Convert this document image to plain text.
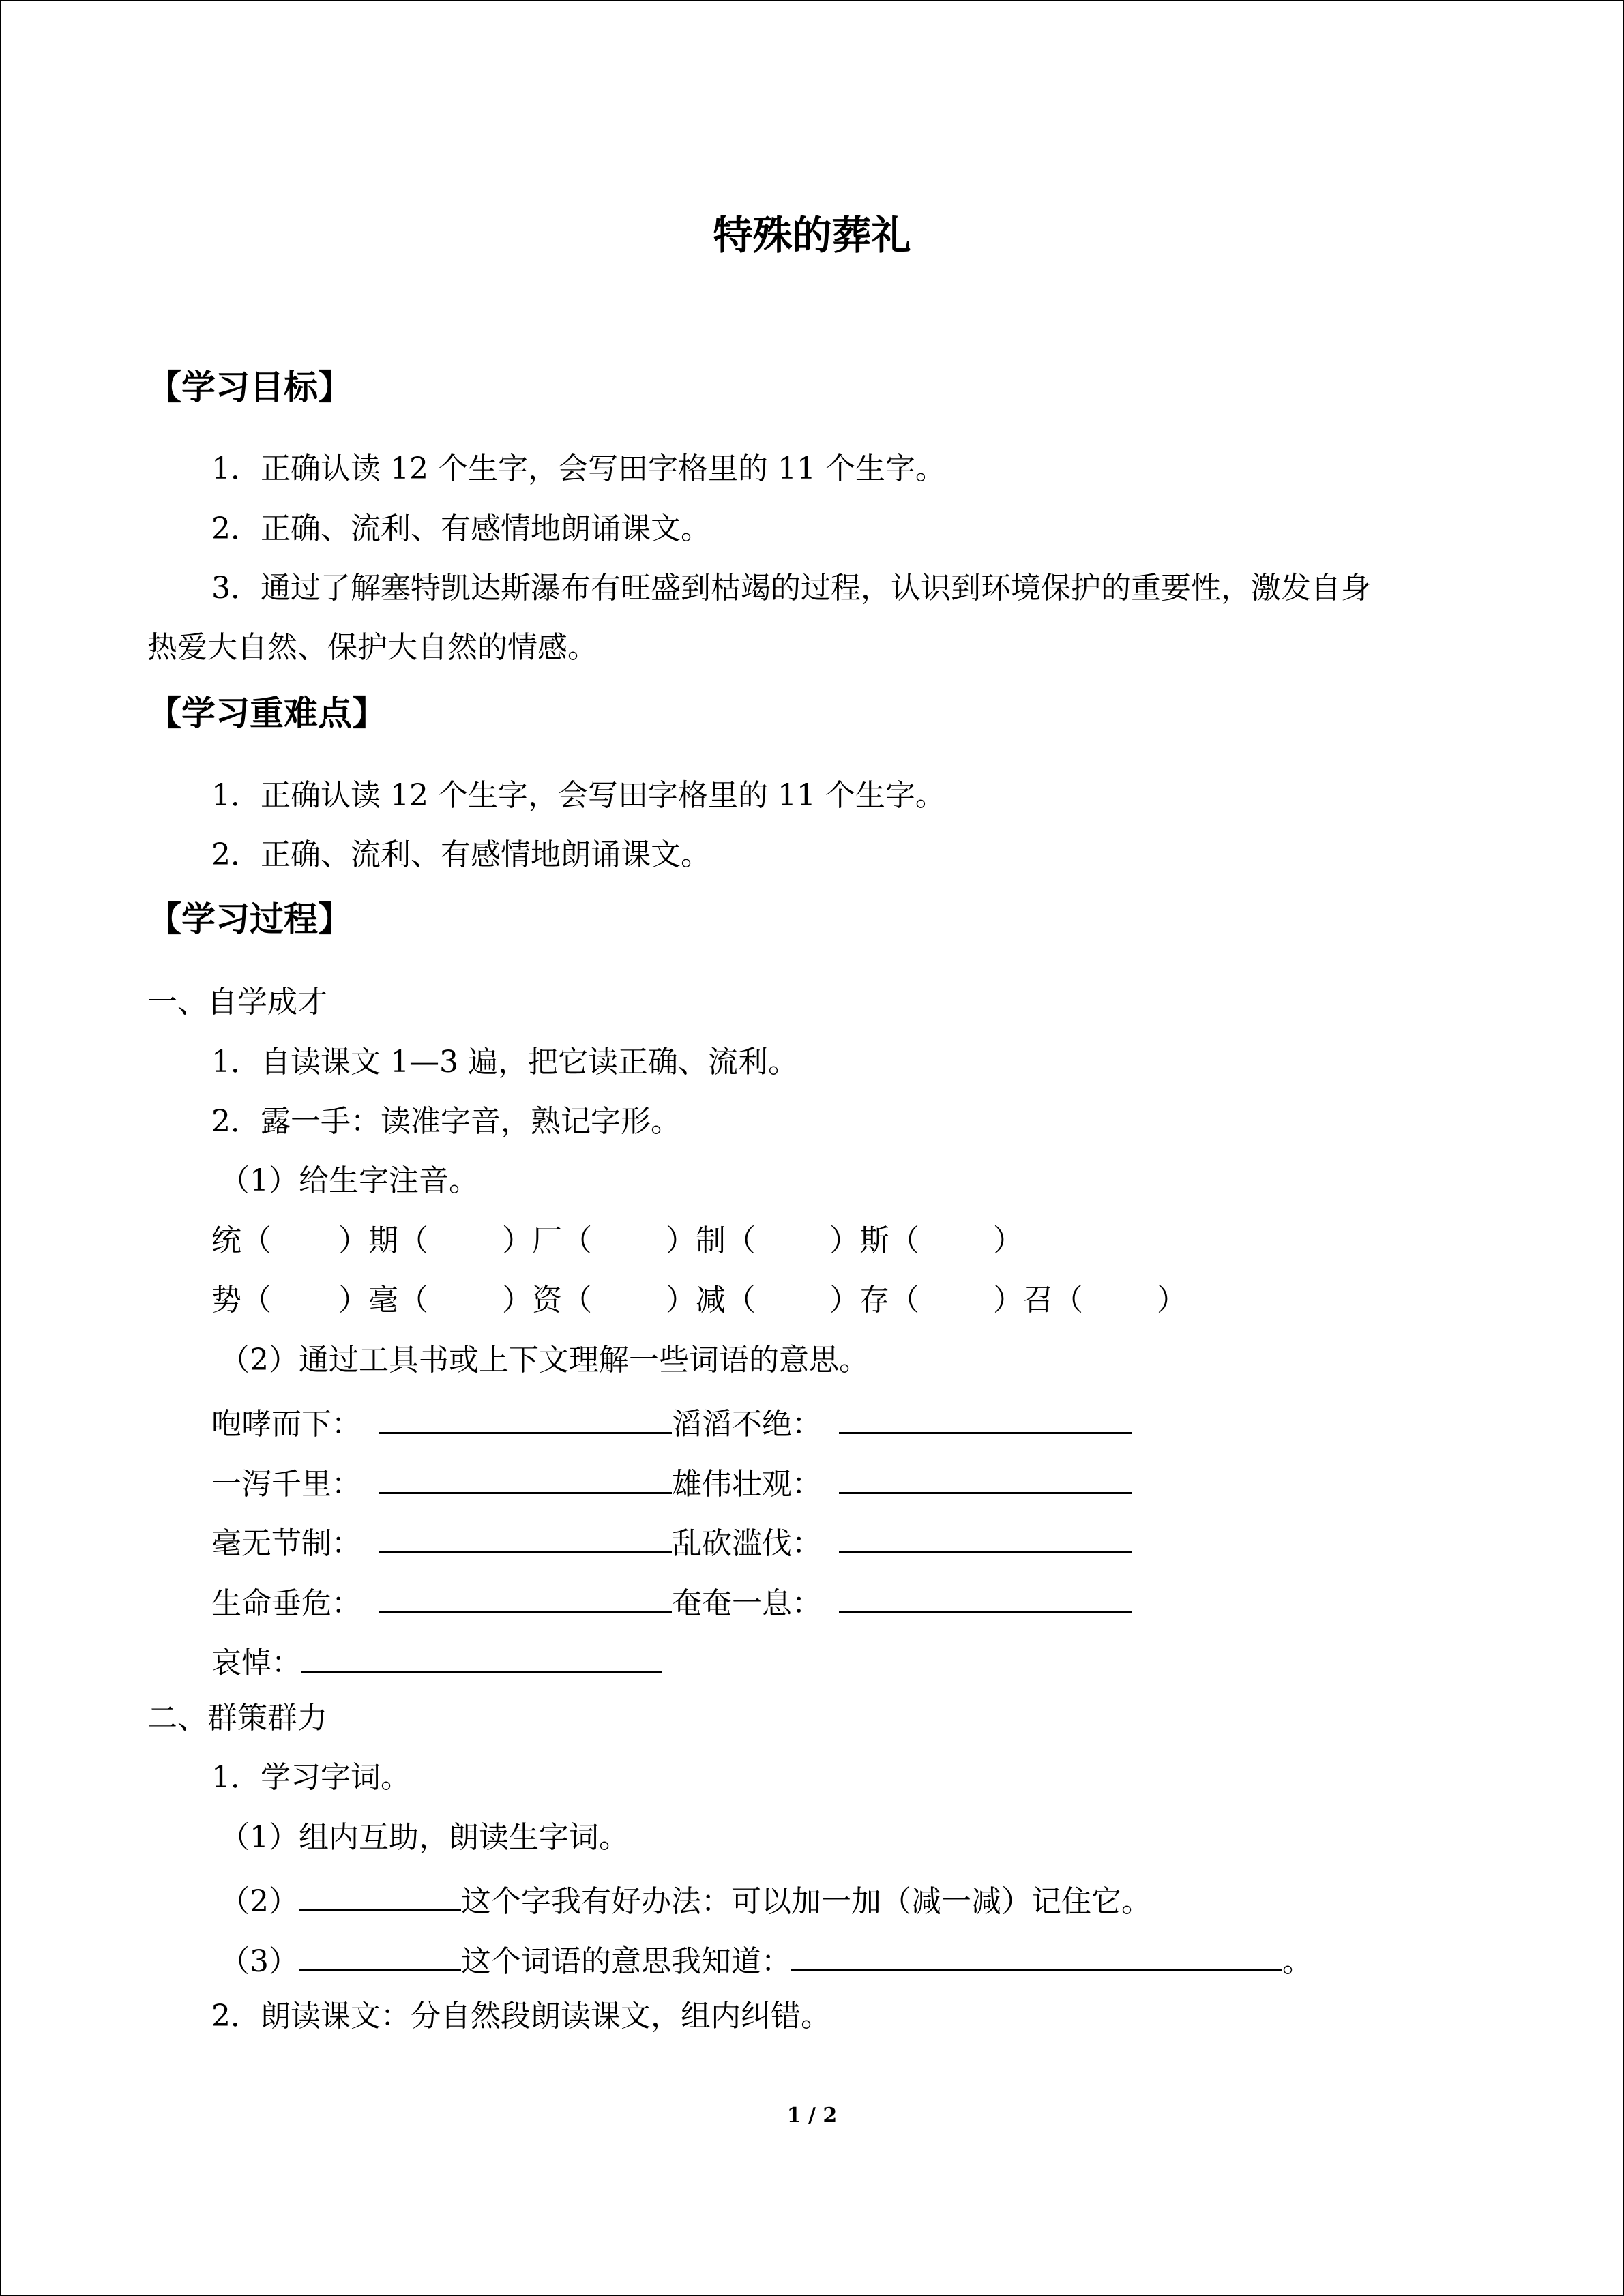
特殊的葬礼
【学习目标】
1．正确认读 12 个生字，会写田字格里的 11 个生字。
2．正确、流利、有感情地朗诵课文。
3．通过了解塞特凯达斯瀑布有旺盛到枯竭的过程，认识到环境保护的重要性，激发自身
热爱大自然、保护大自然的情感。
【学习重难点】
1．正确认读 12 个生字，会写田字格里的 11 个生字。
2．正确、流利、有感情地朗诵课文。
【学习过程】
一、自学成才
1．自读课文 1—3 遍，把它读正确、流利。
2．露一手：读准字音，熟记字形。
（1）给生字注音。
统（ ）期（ ）厂（ ）制（ ）斯（ ）
势（ ）毫（ ）资（ ）减（ ）存（ ）召（ ）
（2）通过工具书或上下文理解一些词语的意思。
咆哮而下：	滔滔不绝：
一泻千里：	雄伟壮观：
毫无节制：	乱砍滥伐：
生命垂危：	奄奄一息：
哀悼：
二、群策群力
1．学习字词。
（1）组内互助，朗读生字词。
（2）	这个字我有好办法：可以加一加（减一减）记住它。
（3）	这个词语的意思我知道：	。
2．朗读课文：分自然段朗读课文，组内纠错。
1 / 2
